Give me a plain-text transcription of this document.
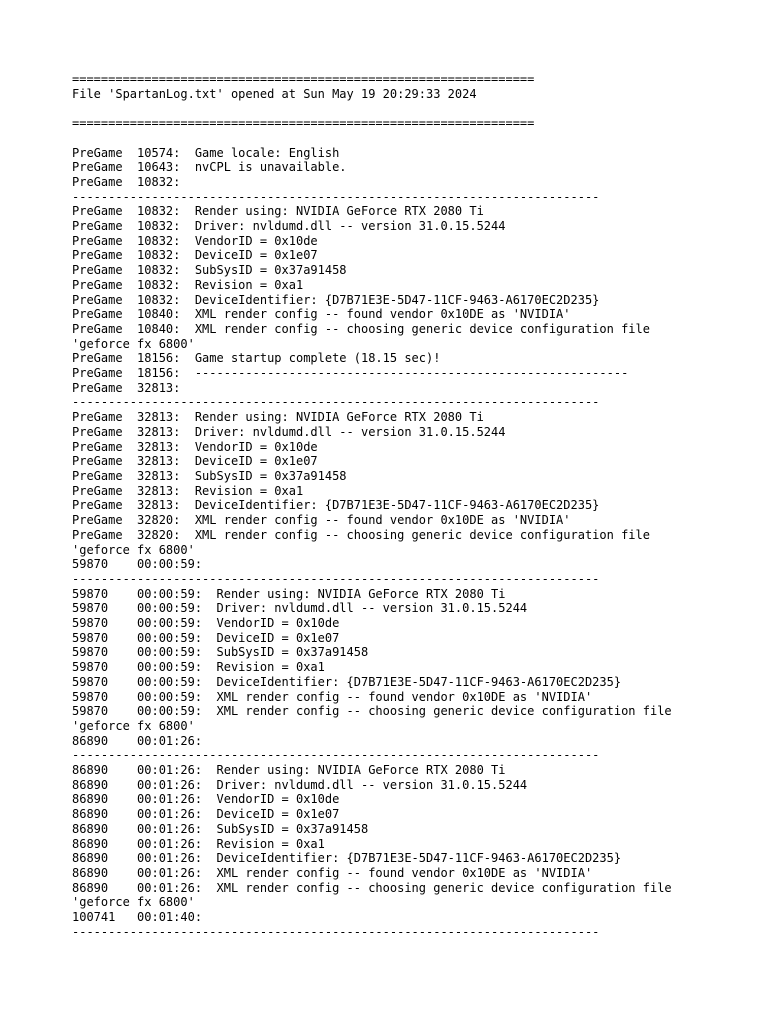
================================================================
File 'SpartanLog.txt' opened at Sun May 19 20:29:33 2024

================================================================

PreGame  10574:  Game locale: English
PreGame  10643:  nvCPL is unavailable.
PreGame  10832:
-------------------------------------------------------------------------
PreGame  10832:  Render using: NVIDIA GeForce RTX 2080 Ti
PreGame  10832:  Driver: nvldumd.dll -- version 31.0.15.5244
PreGame  10832:  VendorID = 0x10de
PreGame  10832:  DeviceID = 0x1e07
PreGame  10832:  SubSysID = 0x37a91458
PreGame  10832:  Revision = 0xa1
PreGame  10832:  DeviceIdentifier: {D7B71E3E-5D47-11CF-9463-A6170EC2D235}
PreGame  10840:  XML render config -- found vendor 0x10DE as 'NVIDIA'
PreGame  10840:  XML render config -- choosing generic device configuration file
'geforce fx 6800'
PreGame  18156:  Game startup complete (18.15 sec)!
PreGame  18156:  ------------------------------------------------------------
PreGame  32813:
-------------------------------------------------------------------------
PreGame  32813:  Render using: NVIDIA GeForce RTX 2080 Ti
PreGame  32813:  Driver: nvldumd.dll -- version 31.0.15.5244
PreGame  32813:  VendorID = 0x10de
PreGame  32813:  DeviceID = 0x1e07
PreGame  32813:  SubSysID = 0x37a91458
PreGame  32813:  Revision = 0xa1
PreGame  32813:  DeviceIdentifier: {D7B71E3E-5D47-11CF-9463-A6170EC2D235}
PreGame  32820:  XML render config -- found vendor 0x10DE as 'NVIDIA'
PreGame  32820:  XML render config -- choosing generic device configuration file
'geforce fx 6800'
59870    00:00:59:
-------------------------------------------------------------------------
59870    00:00:59:  Render using: NVIDIA GeForce RTX 2080 Ti
59870    00:00:59:  Driver: nvldumd.dll -- version 31.0.15.5244
59870    00:00:59:  VendorID = 0x10de
59870    00:00:59:  DeviceID = 0x1e07
59870    00:00:59:  SubSysID = 0x37a91458
59870    00:00:59:  Revision = 0xa1
59870    00:00:59:  DeviceIdentifier: {D7B71E3E-5D47-11CF-9463-A6170EC2D235}
59870    00:00:59:  XML render config -- found vendor 0x10DE as 'NVIDIA'
59870    00:00:59:  XML render config -- choosing generic device configuration file
'geforce fx 6800'
86890    00:01:26:
-------------------------------------------------------------------------
86890    00:01:26:  Render using: NVIDIA GeForce RTX 2080 Ti
86890    00:01:26:  Driver: nvldumd.dll -- version 31.0.15.5244
86890    00:01:26:  VendorID = 0x10de
86890    00:01:26:  DeviceID = 0x1e07
86890    00:01:26:  SubSysID = 0x37a91458
86890    00:01:26:  Revision = 0xa1
86890    00:01:26:  DeviceIdentifier: {D7B71E3E-5D47-11CF-9463-A6170EC2D235}
86890    00:01:26:  XML render config -- found vendor 0x10DE as 'NVIDIA'
86890    00:01:26:  XML render config -- choosing generic device configuration file
'geforce fx 6800'
100741   00:01:40:
-------------------------------------------------------------------------
